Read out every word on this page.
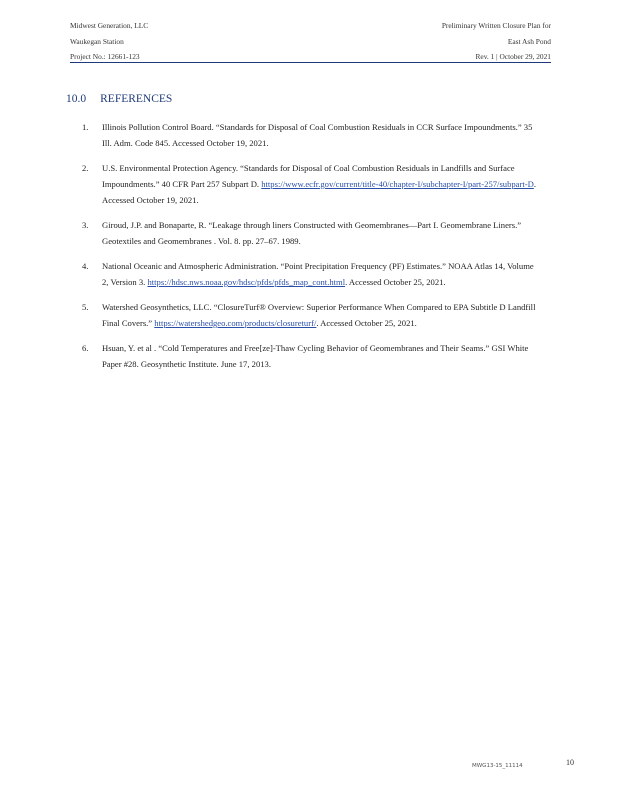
Midwest Generation, LLC
Waukegan Station
Project No.: 12661-123
Preliminary Written Closure Plan for
East Ash Pond
Rev. 1 | October 29, 2021
10.0 REFERENCES
1. Illinois Pollution Control Board. “Standards for Disposal of Coal Combustion Residuals in CCR Surface Impoundments.” 35 Ill. Adm. Code 845. Accessed October 19, 2021.
2. U.S. Environmental Protection Agency. “Standards for Disposal of Coal Combustion Residuals in Landfills and Surface Impoundments.” 40 CFR Part 257 Subpart D. https://www.ecfr.gov/current/title-40/chapter-I/subchapter-I/part-257/subpart-D. Accessed October 19, 2021.
3. Giroud, J.P. and Bonaparte, R. “Leakage through liners Constructed with Geomembranes—Part I. Geomembrane Liners.” Geotextiles and Geomembranes . Vol. 8. pp. 27–67. 1989.
4. National Oceanic and Atmospheric Administration. “Point Precipitation Frequency (PF) Estimates.” NOAA Atlas 14, Volume 2, Version 3. https://hdsc.nws.noaa.gov/hdsc/pfds/pfds_map_cont.html. Accessed October 25, 2021.
5. Watershed Geosynthetics, LLC. “ClosureTurf® Overview: Superior Performance When Compared to EPA Subtitle D Landfill Final Covers.” https://watershedgeo.com/products/closureturf/. Accessed October 25, 2021.
6. Hsuan, Y. et al . “Cold Temperatures and Free[ze]-Thaw Cycling Behavior of Geomembranes and Their Seams.” GSI White Paper #28. Geosynthetic Institute. June 17, 2013.
MWG13-15_11114	10
